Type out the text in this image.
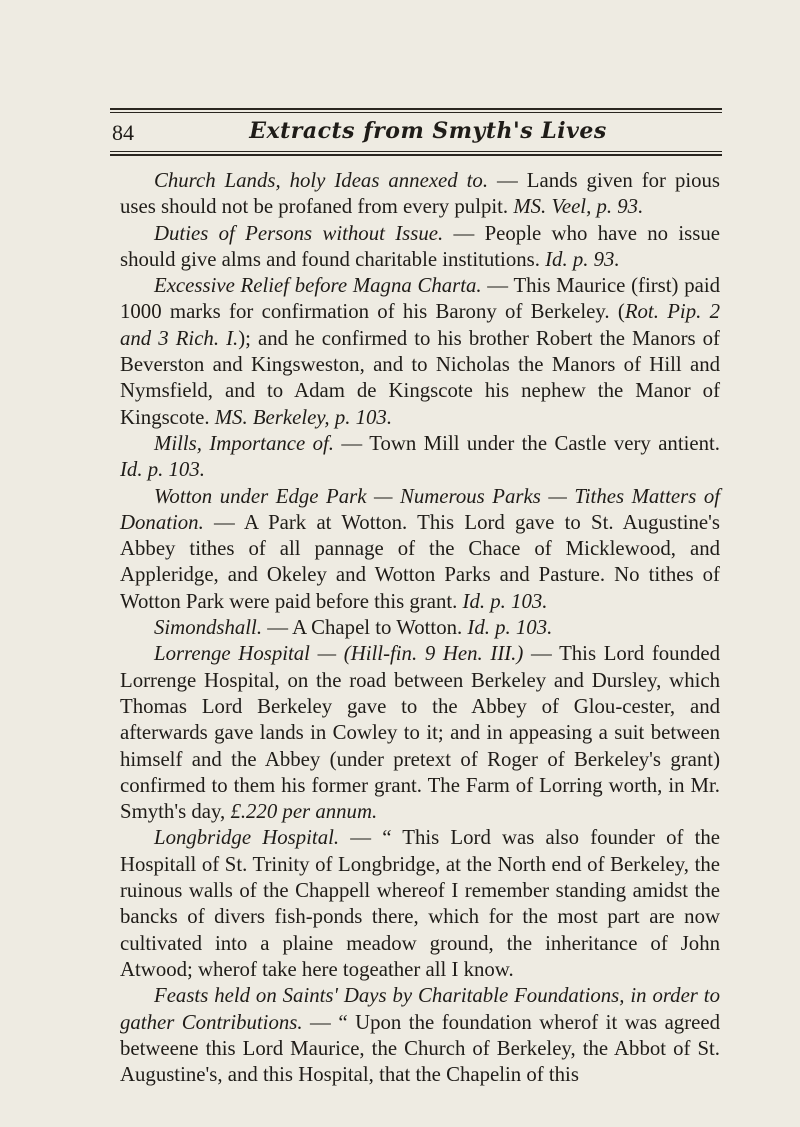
84	Extracts from Smyth's Lives

Church Lands, holy Ideas annexed to. — Lands given for pious uses should not be profaned from every pulpit. MS. Veel, p. 93.

Duties of Persons without Issue. — People who have no issue should give alms and found charitable institutions. Id. p. 93.

Excessive Relief before Magna Charta. — This Maurice (first) paid 1000 marks for confirmation of his Barony of Berkeley. (Rot. Pip. 2 and 3 Rich. I.); and he confirmed to his brother Robert the Manors of Beverston and Kingsweston, and to Nicholas the Manors of Hill and Nymsfield, and to Adam de Kingscote his nephew the Manor of Kingscote. MS. Berkeley, p. 103.

Mills, Importance of. — Town Mill under the Castle very antient. Id. p. 103.

Wotton under Edge Park — Numerous Parks — Tithes Matters of Donation. — A Park at Wotton. This Lord gave to St. Augustine's Abbey tithes of all pannage of the Chace of Micklewood, and Appleridge, and Okeley and Wotton Parks and Pasture. No tithes of Wotton Park were paid before this grant. Id. p. 103.

Simondshall. — A Chapel to Wotton. Id. p. 103.

Lorrenge Hospital — (Hill-fin. 9 Hen. III.) — This Lord founded Lorrenge Hospital, on the road between Berkeley and Dursley, which Thomas Lord Berkeley gave to the Abbey of Glou-cester, and afterwards gave lands in Cowley to it; and in appeasing a suit between himself and the Abbey (under pretext of Roger of Berkeley's grant) confirmed to them his former grant. The Farm of Lorring worth, in Mr. Smyth's day, £.220 per annum.

Longbridge Hospital. — “ This Lord was also founder of the Hospitall of St. Trinity of Longbridge, at the North end of Berkeley, the ruinous walls of the Chappell whereof I remember standing amidst the bancks of divers fish-ponds there, which for the most part are now cultivated into a plaine meadow ground, the inheritance of John Atwood; wherof take here togeather all I know.

Feasts held on Saints' Days by Charitable Foundations, in order to gather Contributions. — “ Upon the foundation wherof it was agreed betweene this Lord Maurice, the Church of Berkeley, the Abbot of St. Augustine's, and this Hospital, that the Chapelin of this
